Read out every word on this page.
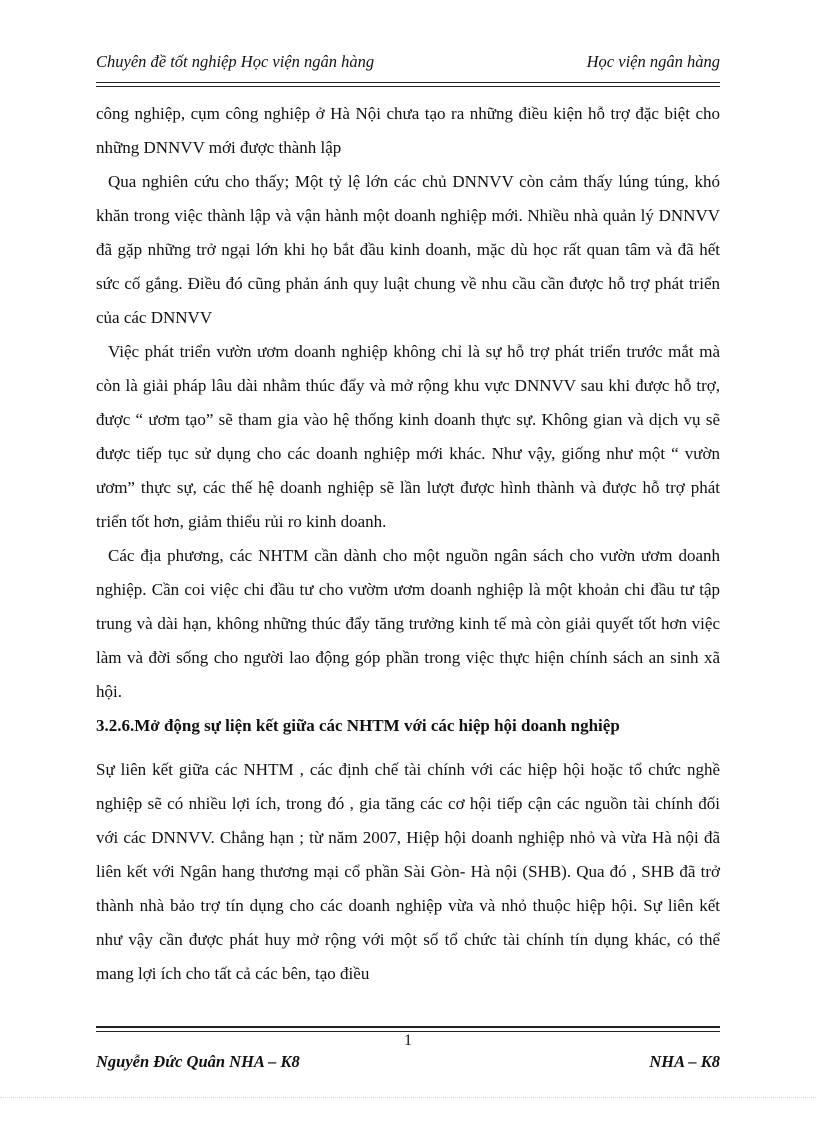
Chuyên đề tốt nghiệp Học viện ngân hàng	Học viện ngân hàng

công nghiệp, cụm công nghiệp ở Hà Nội chưa tạo ra những điều kiện hỗ trợ đặc biệt cho những DNNVV mới được thành lập

Qua nghiên cứu cho thấy; Một tỷ lệ lớn các chủ DNNVV còn cảm thấy lúng túng, khó khăn trong việc thành lập và vận hành một doanh nghiệp mới. Nhiều nhà quản lý DNNVV đã gặp những trở ngại lớn khi họ bắt đầu kinh doanh, mặc dù học rất quan tâm và đã hết sức cố gắng. Điều đó cũng phản ánh quy luật chung về nhu cầu cần được hỗ trợ phát triển của các DNNVV

Việc phát triển vườn ươm doanh nghiệp không chỉ là sự hỗ trợ phát triển trước mắt mà còn là giải pháp lâu dài nhằm thúc đẩy và mở rộng khu vực DNNVV sau khi được hỗ trợ, được “ ươm tạo” sẽ tham gia vào hệ thống kinh doanh thực sự. Không gian và dịch vụ sẽ được tiếp tục sử dụng cho các doanh nghiệp mới khác. Như vậy, giống như một “ vườn ươm” thực sự, các thế hệ doanh nghiệp sẽ lần lượt được hình thành và được hỗ trợ phát triển tốt hơn, giảm thiểu rủi ro kinh doanh.

Các địa phương, các NHTM cần dành cho một nguồn ngân sách cho vườn ươm doanh nghiệp. Cần coi việc chi đầu tư cho vườm ươm doanh nghiệp là một khoản chi đầu tư tập trung và dài hạn, không những thúc đẩy tăng trưởng kinh tế mà còn giải quyết tốt hơn việc làm và đời sống cho người lao động góp phần trong việc thực hiện chính sách an sinh xã hội.

3.2.6.Mở động sự liện kết giữa các NHTM với các hiệp hội doanh nghiệp

Sự liên kết giữa các NHTM , các định chế tài chính với các hiệp hội hoặc tổ chức nghề nghiệp sẽ có nhiều lợi ích, trong đó , gia tăng các cơ hội tiếp cận các nguồn tài chính đối với các DNNVV. Chẳng hạn ; từ năm 2007, Hiệp hội doanh nghiệp nhỏ và vừa Hà nội đã liên kết với Ngân hang thương mại cổ phần Sài Gòn- Hà nội (SHB). Qua đó , SHB đã trở thành nhà bảo trợ tín dụng cho các doanh nghiệp vừa và nhỏ thuộc hiệp hội. Sự liên kết như vậy cần được phát huy mở rộng với một số tổ chức tài chính tín dụng khác, có thể mang lợi ích cho tất cả các bên, tạo điều

1
Nguyễn Đức Quân NHA – K8	NHA – K8
